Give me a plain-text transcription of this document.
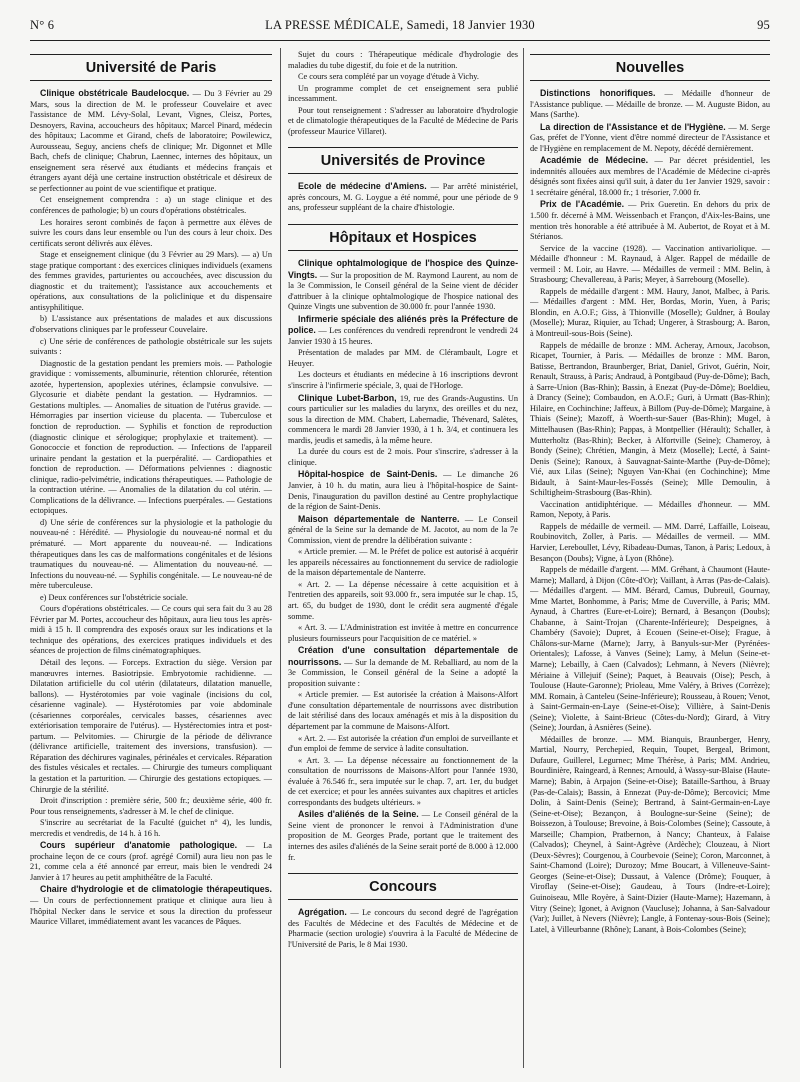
N° 6	LA PRESSE MÉDICALE, Samedi, 18 Janvier 1930	95
Université de Paris

Clinique obstétricale Baudelocque. — Du 3 Février au 29 Mars, sous la direction de M. le professeur Couvelaire et avec l'assistance de MM. Lévy-Solal, Levant, Vignes, Cleisz, Portes, Desnoyers, Ravina, accoucheurs des hôpitaux; Marcel Pinard, médecin des hôpitaux; Lacomme et Girand, chefs de laboratoire; Powilewicz, Aurousseau, Seguy, anciens chefs de clinique; Mr. Digonnet et Mlle Bach, chefs de clinique; Chabrun, Laennec, internes des hôpitaux, un enseignement sera réservé aux étudiants et médecins français et étrangers ayant déjà une certaine instruction obstétricale et désireux de se perfectionner au point de vue scientifique et pratique.

Cet enseignement comprendra : a) un stage clinique et des conférences de pathologie; b) un cours d'opérations obstétricales.

Les horaires seront combinés de façon à permettre aux élèves de suivre les cours dans leur ensemble ou l'un des cours à leur choix. Des certificats seront délivrés aux élèves.

Stage et enseignement clinique (du 3 Février au 29 Mars). — a) Un stage pratique comportant : des exercices cliniques individuels (examens des femmes gravides, parturientes ou accouchées, avec discussion du diagnostic et du traitement); l'assistance aux accouchements et opérations, aux consultations de la policlinique et du dispensaire antisyphilitique.

b) L'assistance aux présentations de malades et aux discussions d'observations cliniques par le professeur Couvelaire.

c) Une série de conférences de pathologie obstétricale sur les sujets suivants :

Diagnostic de la gestation pendant les premiers mois. — Pathologie gravidique : vomissements, albuminurie, rétention chlorurée, rétention azotée, hypertension, apoplexies utérines, éclampsie convulsive. — Glycosurie et diabète pendant la gestation. — Hydramnios. — Gestations multiples. — Anomalies de situation de l'utérus gravide. — Hémorragies par insertion vicieuse du placenta. — Tuberculose et fonction de reproduction. — Syphilis et fonction de reproduction (diagnostic clinique et sérologique; prophylaxie et traitement). — Gonococcie et fonction de reproduction. — Infections de l'appareil urinaire pendant la gestation et la puerpéralité. — Cardiopathies et fonction de reproduction. — Déformations pelviennes : diagnostic clinique, radio-pelvimétrie, indications thérapeutiques. — Pathologie de la contraction utérine. — Anomalies de la dilatation du col utérin. — Complications de la délivrance. — Infections puerpérales. — Gestations ectopiques.

d) Une série de conférences sur la physiologie et la pathologie du nouveau-né : Hérédité. — Physiologie du nouveau-né normal et du prématuré. — Mort apparente du nouveau-né. — Indications thérapeutiques dans les cas de malformations congénitales et de lésions traumatiques du nouveau-né. — Alimentation du nouveau-né. — Infections du nouveau-né. — Syphilis congénitale. — Le nouveau-né de mère tuberculeuse.

e) Deux conférences sur l'obstétricie sociale.

Cours d'opérations obstétricales. — Ce cours qui sera fait du 3 au 28 Février par M. Portes, accoucheur des hôpitaux, aura lieu tous les après-midi à 15 h. Il comprendra des exposés oraux sur les indications et la technique des opérations, des exercices pratiques individuels et des séances de projection de films cinématographiques.

Détail des leçons. — Forceps. Extraction du siège. Version par manœuvres internes. Basiotripsie. Embryotomie rachidienne. — Dilatation artificielle du col utérin (dilatateurs, dilatation manuelle, ballons). — Hystérotomies par voie vaginale (incisions du col, césarienne vaginale). — Hystérotomies par voie abdominale (césariennes corporéales, cervicales basses, césariennes avec extériorisation temporaire de l'utérus). — Hystérectomies intra et post-partum. — Pelvitomies. — Chirurgie de la période de délivrance (délivrance artificielle, traitement des inversions, transfusion). — Réparation des déchirures vaginales, périnéales et cervicales. Réparation des fistules vésicales et rectales. — Chirurgie des tumeurs compliquant la gestation et la parturition. — Chirurgie des gestations ectopiques. — Chirurgie de la stérilité.

Droit d'inscription : première série, 500 fr.; deuxième série, 400 fr. Pour tous renseignements, s'adresser à M. le chef de clinique.

S'inscrire au secrétariat de la Faculté (guichet n° 4), les lundis, mercredis et vendredis, de 14 h. à 16 h.

Cours supérieur d'anatomie pathologique. — La prochaine leçon de ce cours (prof. agrégé Cornil) aura lieu non pas le 21, comme cela a été annoncé par erreur, mais bien le vendredi 24 Janvier à 17 heures au petit amphithéâtre de la Faculté.

Chaire d'hydrologie et de climatologie thérapeutiques. — Un cours de perfectionnement pratique et clinique aura lieu à l'hôpital Necker dans le service et sous la direction du professeur Maurice Villaret, immédiatement avant les vacances de Pâques.

Sujet du cours : Thérapeutique médicale d'hydrologie des maladies du tube digestif, du foie et de la nutrition.

Ce cours sera complété par un voyage d'étude à Vichy.

Un programme complet de cet enseignement sera publié incessamment.

Pour tout renseignement : S'adresser au laboratoire d'hydrologie et de climatologie thérapeutiques de la Faculté de Médecine de Paris (professeur Maurice Villaret).

Universités de Province

Ecole de médecine d'Amiens. — Par arrêté ministériel, après concours, M. G. Loygue a été nommé, pour une période de 9 ans, professeur suppléant de la chaire d'histologie.

Hôpitaux et Hospices

Clinique ophtalmologique de l'hospice des Quinze-Vingts. — Sur la proposition de M. Raymond Laurent, au nom de la 3e Commission, le Conseil général de la Seine vient de décider d'attribuer à la clinique ophtalmologique de l'hospice national des Quinze Vingts une subvention de 30.000 fr. pour l'année 1930.

Infirmerie spéciale des aliénés près la Préfecture de police. — Les conférences du vendredi reprendront le vendredi 24 Janvier 1930 à 15 heures.

Présentation de malades par MM. de Clérambault, Logre et Heuyer.

Les docteurs et étudiants en médecine à 16 inscriptions devront s'inscrire à l'infirmerie spéciale, 3, quai de l'Horloge.

Clinique Lubet-Barbon, 19, rue des Grands-Augustins. Un cours particulier sur les maladies du larynx, des oreilles et du nez, sous la direction de MM. Chabert, Labernadie, Thévenard, Salètes, commencera le mardi 28 Janvier 1930, à 1 h. 3/4, et continuera les mardis, jeudis et samedis, à la même heure.

La durée du cours est de 2 mois. Pour s'inscrire, s'adresser à la clinique.

Hôpital-hospice de Saint-Denis. — Le dimanche 26 Janvier, à 10 h. du matin, aura lieu à l'hôpital-hospice de Saint-Denis, l'inauguration du pavillon destiné au Centre prophylactique de la région de Saint-Denis.

Maison départementale de Nanterre. — Le Conseil général de la Seine sur la demande de M. Jacotot, au nom de la 7e Commission, vient de prendre la délibération suivante :

« Article premier. — M. le Préfet de police est autorisé à acquérir les appareils nécessaires au fonctionnement du service de radiologie de la maison départementale de Nanterre.

« Art. 2. — La dépense nécessaire à cette acquisition et à l'entretien des appareils, soit 93.000 fr., sera imputée sur le chap. 15, art. 65, du budget de 1930, dont le crédit sera augmenté d'égale somme.

« Art. 3. — L'Administration est invitée à mettre en concurrence plusieurs fournisseurs pour l'acquisition de ce matériel. »

Création d'une consultation départementale de nourrissons. — Sur la demande de M. Reballiard, au nom de la 3e Commission, le Conseil général de la Seine a adopté la proposition suivante :

« Article premier. — Est autorisée la création à Maisons-Alfort d'une consultation départementale de nourrissons avec distribution de lait stérilisé dans des locaux aménagés et mis à la disposition du département par la commune de Maisons-Alfort.

« Art. 2. — Est autorisée la création d'un emploi de surveillante et d'un emploi de femme de service à ladite consultation.

« Art. 3. — La dépense nécessaire au fonctionnement de la consultation de nourrissons de Maisons-Alfort pour l'année 1930, évaluée à 76.546 fr., sera imputée sur le chap. 7, art. 1er, du budget de cet exercice; et pour les années suivantes aux chapitres et articles correspondants des budgets ultérieurs. »

Asiles d'aliénés de la Seine. — Le Conseil général de la Seine vient de prononcer le renvoi à l'Administration d'une proposition de M. Georges Prade, portant que le traitement des internes des asiles d'aliénés de la Seine serait porté de 8.000 à 12.000 fr.

Concours

Agrégation. — Le concours du second degré de l'agrégation des Facultés de Médecine et des Facultés de Médecine et de Pharmacie (section urologie) s'ouvrira à la Faculté de Médecine de l'Université de Paris, le 8 Mai 1930.

Nouvelles

Distinctions honorifiques. — Médaille d'honneur de l'Assistance publique. — Médaille de bronze. — M. Auguste Bidon, au Mans (Sarthe).

La direction de l'Assistance et de l'Hygiène. — M. Serge Gas, préfet de l'Yonne, vient d'être nommé directeur de l'Assistance et de l'Hygiène en remplacement de M. Nepoty, décédé dernièrement.

Académie de Médecine. — Par décret présidentiel, les indemnités allouées aux membres de l'Académie de Médecine ci-après désignés sont fixées ainsi qu'il suit, à dater du 1er Janvier 1929, savoir : 1 secrétaire général, 18.000 fr.; 1 trésorier, 7.000 fr.

Prix de l'Académie. — Prix Gueretin. En dehors du prix de 1.500 fr. décerné à MM. Weissenbach et Françon, d'Aix-les-Bains, une mention très honorable a été attribuée à M. Aubertot, de Royat et à M. Stérianos.

Service de la vaccine (1928). — Vaccination antivariolique. — Médaille d'honneur : M. Raynaud, à Alger. Rappel de médaille de vermeil : M. Loir, au Havre. — Médailles de vermeil : MM. Belin, à Strasbourg; Chevallereau, à Paris; Meyer, à Sarrebourg (Moselle).

Rappels de médaille d'argent : MM. Haury, Janot, Malbec, à Paris. — Médailles d'argent : MM. Her, Bordas, Morin, Yuen, à Paris; Blondin, en A.O.F.; Giss, à Thionville (Moselle); Guldner, à Boulay (Moselle); Muraz, Riquier, au Tchad; Ungerer, à Strasbourg; A. Baron, à Montreuil-sous-Bois (Seine).

Rappels de médaille de bronze : MM. Acheray, Arnoux, Jacobson, Ricapet, Tournier, à Paris. — Médailles de bronze : MM. Baron, Batisse, Bertrandon, Braunberger, Briat, Daniel, Grivot, Guérin, Noir, Renault, Strauss, à Paris; Andraud, à Pontgibaud (Puy-de-Dôme); Bach, à Sarre-Union (Bas-Rhin); Bassin, à Enezat (Puy-de-Dôme); Boeldieu, à Drancy (Seine); Combaudon, en A.O.F.; Guri, à Urmatt (Bas-Rhin); Hilaire, en Cochinchine; Jaffeux, à Billom (Puy-de-Dôme); Margaine, à Thiais (Seine); Mazoff, à Woerth-sur-Sauer (Bas-Rhin); Mugel, à Mittelhausen (Bas-Rhin); Pappas, à Montpellier (Hérault); Schaller, à Mutterholtz (Bas-Rhin); Becker, à Alfortville (Seine); Chameroy, à Bondy (Seine); Chrétien, Mangin, à Metz (Moselle); Lecté, à Saint-Denis (Seine); Ranoux, à Sauvagnat-Sainte-Marthe (Puy-de-Dôme); Vié, aux Lilas (Seine); Nguyen Van-Khai (en Cochinchine); Mme Bidault, à Saint-Maur-les-Fossés (Seine); Mlle Demoulin, à Schiltigheim-Strasbourg (Bas-Rhin).

Vaccination antidiphtérique. — Médailles d'honneur. — MM. Ramon, Nepoty, à Paris.

Rappels de médaille de vermeil. — MM. Darré, Laffaille, Loiseau, Roubinovitch, Zoller, à Paris. — Médailles de vermeil. — MM. Harvier, Lereboullet, Lévy, Ribadeau-Dumas, Tanon, à Paris; Ledoux, à Besançon (Doubs); Vigne, à Lyon (Rhône).

Rappels de médaille d'argent. — MM. Gréhant, à Chaumont (Haute-Marne); Mallard, à Dijon (Côte-d'Or); Vaillant, à Arras (Pas-de-Calais). — Médailles d'argent. — MM. Bérard, Camus, Dubreuil, Gournay, Mme Martet, Bonhomme, à Paris; Mme de Cuverville, à Paris; MM. Aynaud, à Chartres (Eure-et-Loire); Bernard, à Besançon (Doubs); Chabanne, à Saint-Trojan (Charente-Inférieure); Despeignes, à Chambéry (Savoie); Dupret, à Ecouen (Seine-et-Oise); Frague, à Châlons-sur-Marne (Marne); Jarry, à Banyuls-sur-Mer (Pyrénées-Orientales); Lafosse, à Vanves (Seine); Lamy, à Melun (Seine-et-Marne); Lebailly, à Caen (Calvados); Lehmann, à Nevers (Nièvre); Mériaine à Villejuif (Seine); Paquet, à Beauvais (Oise); Pesch, à Toulouse (Haute-Garonne); Prioleau, Mme Valéry, à Brives (Corrèze); MM. Romain, à Canteleu (Seine-Inférieure); Rousseau, à Rouen; Venot, à Saint-Germain-en-Laye (Seine-et-Oise); Villière, à Saint-Denis (Seine); Violette, à Saint-Brieuc (Côtes-du-Nord); Girard, à Vitry (Seine); Jourdan, à Asnières (Seine).

Médailles de bronze. — MM. Bianquis, Braunberger, Henry, Martial, Nourry, Perchepied, Requin, Toupet, Bergeal, Brimont, Dufaure, Guillerel, Legurnec; Mme Thérèse, à Paris; MM. Andrieu, Bourdinière, Raingeard, à Rennes; Arnould, à Wassy-sur-Blaise (Haute-Marne); Babin, à Arpajon (Seine-et-Oise); Bataille-Sarthou, à Bruay (Pas-de-Calais); Bassin, à Ennezat (Puy-de-Dôme); Bercovici; Mme Dolin, à Saint-Denis (Seine); Bertrand, à Saint-Germain-en-Laye (Seine-et-Oise); Bezançon, à Boulogne-sur-Seine (Seine); de Boissezon, à Toulouse; Brevoine, à Bois-Colombes (Seine); Cassoute, à Marseille; Champion, Pratbernon, à Nancy; Chanteux, à Falaise (Calvados); Cheynel, à Saint-Agrève (Ardèche); Clouzeau, à Niort (Deux-Sèvres); Courgenou, à Courbevoie (Seine); Coron, Marconnet, à Saint-Chamond (Loire); Durozoy; Mme Boucart, à Villeneuve-Saint-Georges (Seine-et-Oise); Dussaut, à Valence (Drôme); Fouquer, à Viroflay (Seine-et-Oise); Gaudeau, à Tours (Indre-et-Loire); Guinoiseau, Mlle Royère, à Saint-Dizier (Haute-Marne); Hazemann, à Vitry (Seine); Igonet, à Avignon (Vaucluse); Johanna, à San-Salvadour (Var); Juillet, à Nevers (Nièvre); Langle, à Fontenay-sous-Bois (Seine); Latel, à Villeurbanne (Rhône); Lanant, à Bois-Colombes (Seine);
